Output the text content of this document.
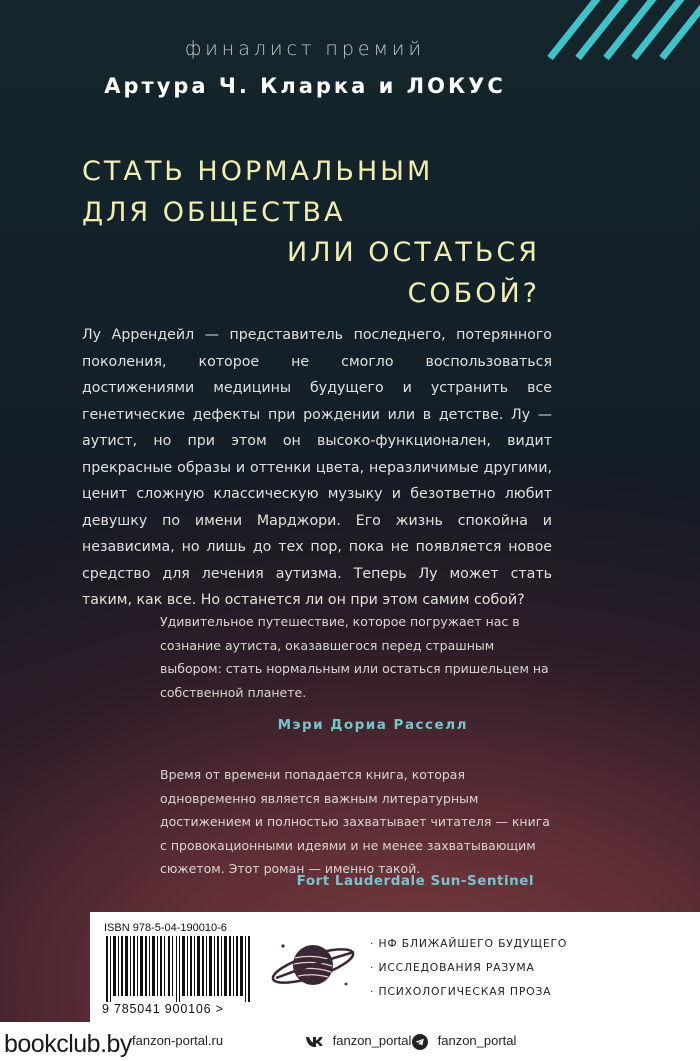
финалист премий
Артура Ч. Кларка и ЛОКУС
СТАТЬ НОРМАЛЬНЫМ
ДЛЯ ОБЩЕСТВА
ИЛИ ОСТАТЬСЯ
СОБОЙ?
Лу Аррендейл — представитель последнего, потерянного поколения, которое не смогло воспользоваться достижениями медицины будущего и устранить все генетические дефекты при рождении или в детстве. Лу — аутист, но при этом он высоко-функционален, видит прекрасные образы и оттенки цвета, неразличимые другими, ценит сложную классическую музыку и безответно любит девушку по имени Марджори. Его жизнь спокойна и независима, но лишь до тех пор, пока не появляется новое средство для лечения аутизма. Теперь Лу может стать таким, как все. Но останется ли он при этом самим собой?
Удивительное путешествие, которое погружает нас в сознание аутиста, оказавшегося перед страшным выбором: стать нормальным или остаться пришельцем на собственной планете.
Мэри Дориа Расселл
Время от времени попадается книга, которая одновременно является важным литературным достижением и полностью захватывает читателя — книга с провокационными идеями и не менее захватывающим сюжетом. Этот роман — именно такой.
Fort Lauderdale Sun-Sentinel
ISBN 978-5-04-190010-6
9 785041 900106 >
· НФ БЛИЖАЙШЕГО БУДУЩЕГО
· ИССЛЕДОВАНИЯ РАЗУМА
· ПСИХОЛОГИЧЕСКАЯ ПРОЗА
bookclub.by fanzon-portal.ru	fanzon_portal	fanzon_portal
